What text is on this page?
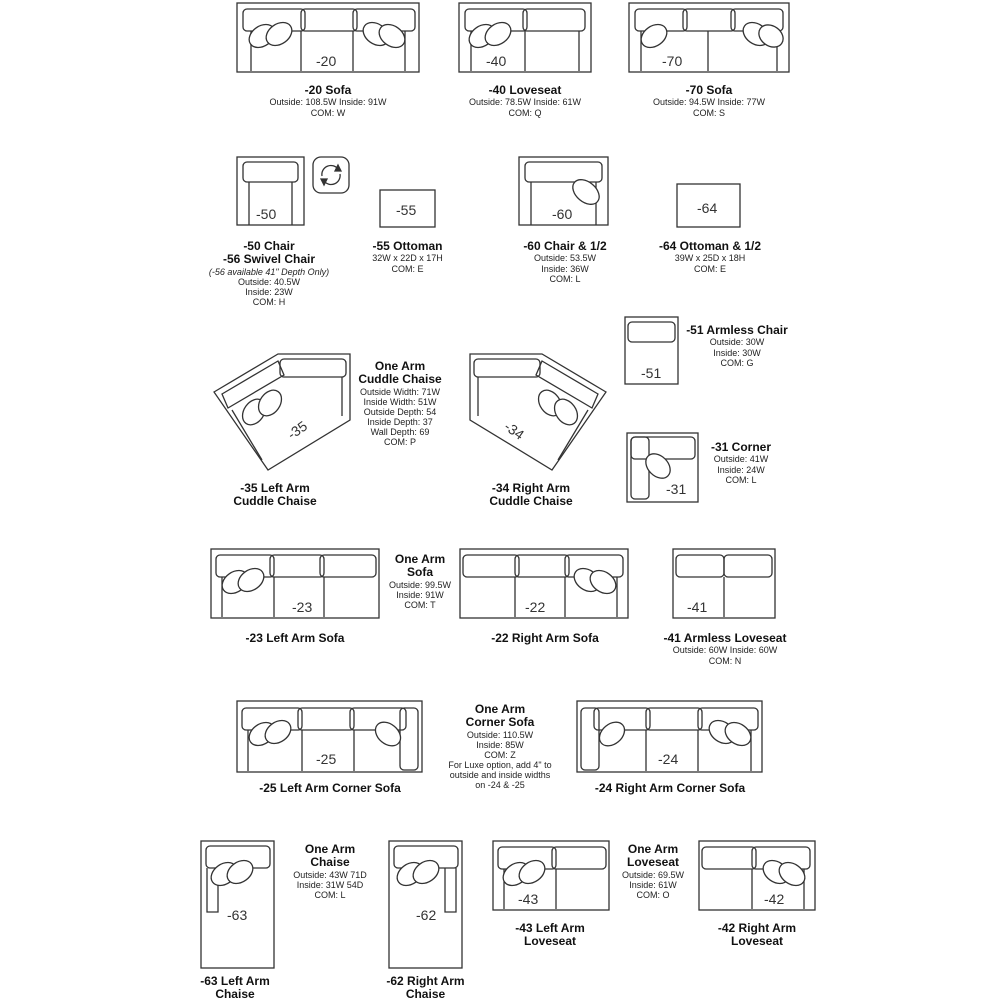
-20
-20 Sofa
Outside: 108.5W Inside: 91W
COM: W
-40
-40 Loveseat
Outside: 78.5W Inside: 61W
COM: Q
-70
-70 Sofa
Outside: 94.5W Inside: 77W
COM: S
-50
-50 Chair
-56 Swivel Chair
(-56 available 41" Depth Only)
Outside: 40.5W
Inside: 23W
COM: H
-55
-55 Ottoman
32W x 22D x 17H
COM: E
-60
-60 Chair & 1/2
Outside: 53.5W
Inside: 36W
COM: L
-64
-64 Ottoman & 1/2
39W x 25D x 18H
COM: E
-51
-51 Armless Chair
Outside: 30W
Inside: 30W
COM: G
-35
-35 Left Arm
Cuddle Chaise
One Arm
Cuddle Chaise
Outside Width: 71W
Inside Width: 51W
Outside Depth: 54
Inside Depth: 37
Wall Depth: 69
COM: P	-34
-34 Right Arm
Cuddle Chaise
-31
-31 Corner
Outside: 41W
Inside: 24W
COM: L
-23
-23 Left Arm Sofa
One Arm
Sofa
Outside: 99.5W
Inside: 91W
COM: T	-22
-22 Right Arm Sofa
-41
-41 Armless Loveseat
Outside: 60W Inside: 60W
COM: N
-25
-25 Left Arm Corner Sofa
One Arm
Corner Sofa
Outside: 110.5W
Inside: 85W
COM: Z
For Luxe option, add 4" to
outside and inside widths
on -24 & -25
-24
-24 Right Arm Corner Sofa
-63
-63 Left Arm
Chaise
One Arm
Chaise
Outside: 43W 71D
Inside: 31W 54D
COM: L
-62
-62 Right Arm
Chaise
-43
-43 Left Arm
Loveseat
One Arm
Loveseat
Outside: 69.5W
Inside: 61W
COM: O	-42
-42 Right Arm
Loveseat
